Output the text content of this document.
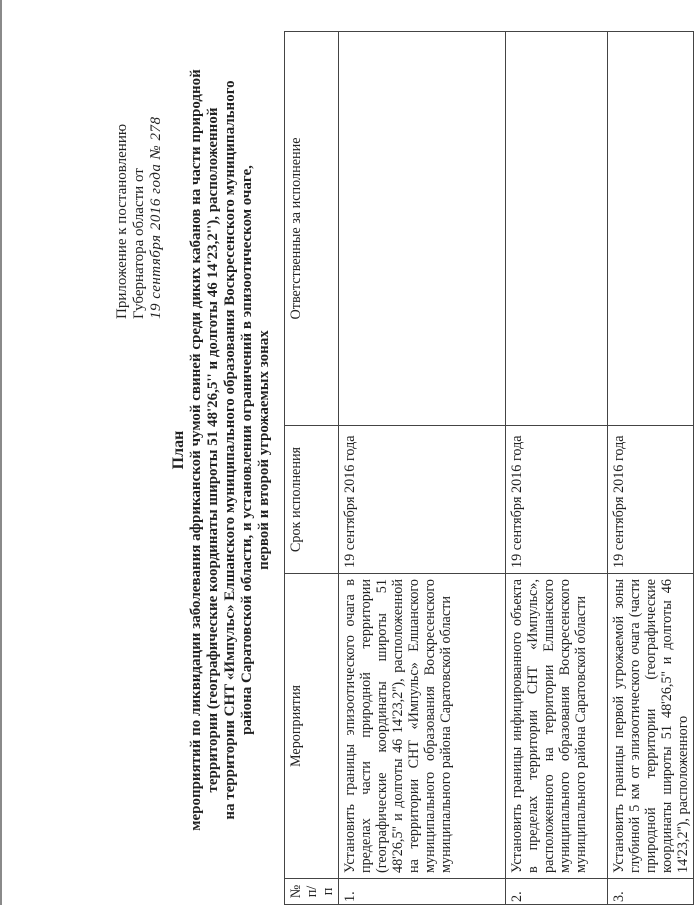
Приложение к постановлению Губернатора области от 19 сентября 2016 года № 278
План мероприятий по ликвидации заболевания африканской чумой свиней среди диких кабанов на части природной территории (географические координаты широты 51 48'26,5'' и долготы 46 14'23,2''), расположенной на территории СНТ «Импульс» Елшанского муниципального образования Воскресенского муниципального района Саратовской области, и установлении ограничений в эпизоотическом очаге, первой и второй угрожаемых зонах
№ п/п	Мероприятия	Срок исполнения	Ответственные за исполнение
1.	Установить границы эпизоотического очага в пределах части природной территории (географические координаты широты 51 48'26,5'' и долготы 46 14'23,2''), расположенной на территории СНТ «Импульс» Елшанского муниципального образования Воскресенского муниципального района Саратовской области	19 сентября 2016 года	
2.	Установить границы инфицированного объекта в пределах территории СНТ «Импульс», расположенного на территории Елшанского муниципального образования Воскресенского муниципального района Саратовской области	19 сентября 2016 года	
3.	Установить границы первой угрожаемой зоны глубиной 5 км от эпизоотического очага (части природной территории (географические координаты широты 51 48'26,5'' и долготы 46 14'23,2''), расположенного	19 сентября 2016 года	
